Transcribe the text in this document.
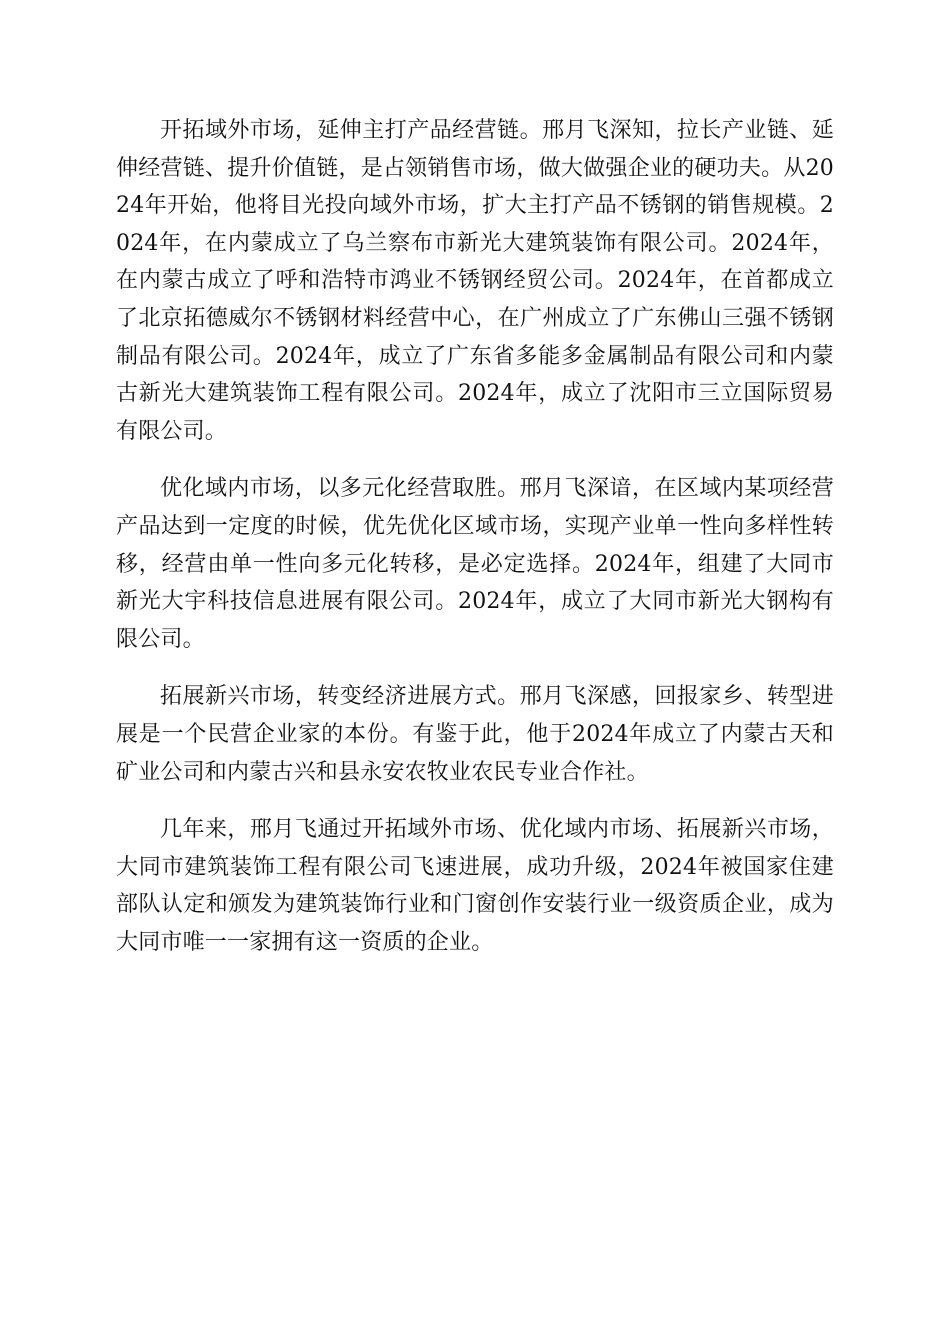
开拓域外市场，延伸主打产品经营链。邢月飞深知，拉长产业链、延伸经营链、提升价值链，是占领销售市场，做大做强企业的硬功夫。从2024年开始，他将目光投向域外市场，扩大主打产品不锈钢的销售规模。2024年，在内蒙成立了乌兰察布市新光大建筑装饰有限公司。2024年，在内蒙古成立了呼和浩特市鸿业不锈钢经贸公司。2024年，在首都成立了北京拓德威尔不锈钢材料经营中心，在广州成立了广东佛山三强不锈钢制品有限公司。2024年，成立了广东省多能多金属制品有限公司和内蒙古新光大建筑装饰工程有限公司。2024年，成立了沈阳市三立国际贸易有限公司。

优化域内市场，以多元化经营取胜。邢月飞深谙，在区域内某项经营产品达到一定度的时候，优先优化区域市场，实现产业单一性向多样性转移，经营由单一性向多元化转移，是必定选择。2024年，组建了大同市新光大宇科技信息进展有限公司。2024年，成立了大同市新光大钢构有限公司。

拓展新兴市场，转变经济进展方式。邢月飞深感，回报家乡、转型进展是一个民营企业家的本份。有鉴于此，他于2024年成立了内蒙古天和矿业公司和内蒙古兴和县永安农牧业农民专业合作社。

几年来，邢月飞通过开拓域外市场、优化域内市场、拓展新兴市场，大同市建筑装饰工程有限公司飞速进展，成功升级，2024年被国家住建部队认定和颁发为建筑装饰行业和门窗创作安装行业一级资质企业，成为大同市唯一一家拥有这一资质的企业。
